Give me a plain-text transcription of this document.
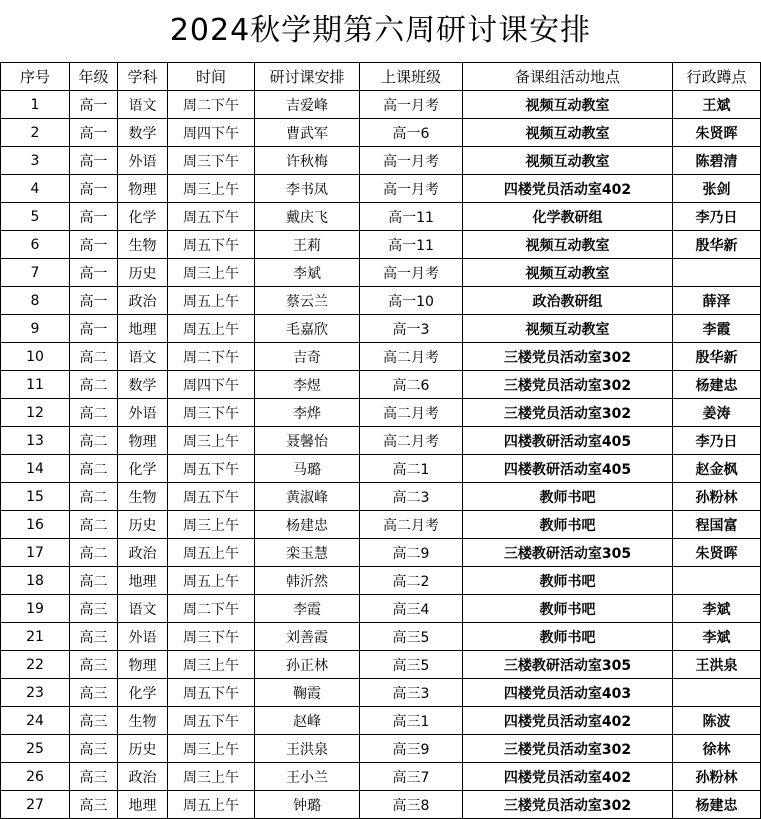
2024秋学期第六周研讨课安排
序号	年级	学科	时间	研讨课安排	上课班级	备课组活动地点	行政蹲点
1	高一	语文	周二下午	吉爱峰	高一月考	视频互动教室	王斌
2	高一	数学	周四下午	曹武军	高一6	视频互动教室	朱贤晖
3	高一	外语	周三下午	许秋梅	高一月考	视频互动教室	陈碧清
4	高一	物理	周三上午	李书凤	高一月考	四楼党员活动室402	张剑
5	高一	化学	周五下午	戴庆飞	高一11	化学教研组	李乃日
6	高一	生物	周五下午	王莉	高一11	视频互动教室	殷华新
7	高一	历史	周三上午	李斌	高一月考	视频互动教室	
8	高一	政治	周五上午	蔡云兰	高一10	政治教研组	薛泽
9	高一	地理	周五上午	毛嘉欣	高一3	视频互动教室	李霞
10	高二	语文	周二下午	吉奇	高二月考	三楼党员活动室302	殷华新
11	高二	数学	周四下午	李煜	高二6	三楼党员活动室302	杨建忠
12	高二	外语	周三下午	李烨	高二月考	三楼党员活动室302	姜涛
13	高二	物理	周三上午	聂馨怡	高二月考	四楼教研活动室405	李乃日
14	高二	化学	周五下午	马璐	高二1	四楼教研活动室405	赵金枫
15	高二	生物	周五下午	黄淑峰	高二3	教师书吧	孙粉林
16	高二	历史	周三上午	杨建忠	高二月考	教师书吧	程国富
17	高二	政治	周五上午	栾玉慧	高二9	三楼教研活动室305	朱贤晖
18	高二	地理	周五上午	韩沂然	高二2	教师书吧	
19	高三	语文	周二下午	李霞	高三4	教师书吧	李斌
21	高三	外语	周三下午	刘善霞	高三5	教师书吧	李斌
22	高三	物理	周三上午	孙正林	高三5	三楼教研活动室305	王洪泉
23	高三	化学	周五下午	鞠霞	高三3	四楼党员活动室403	
24	高三	生物	周五下午	赵峰	高三1	四楼党员活动室402	陈波
25	高三	历史	周三上午	王洪泉	高三9	三楼党员活动室302	徐林
26	高三	政治	周三上午	王小兰	高三7	四楼党员活动室402	孙粉林
27	高三	地理	周五上午	钟璐	高三8	三楼党员活动室302	杨建忠
